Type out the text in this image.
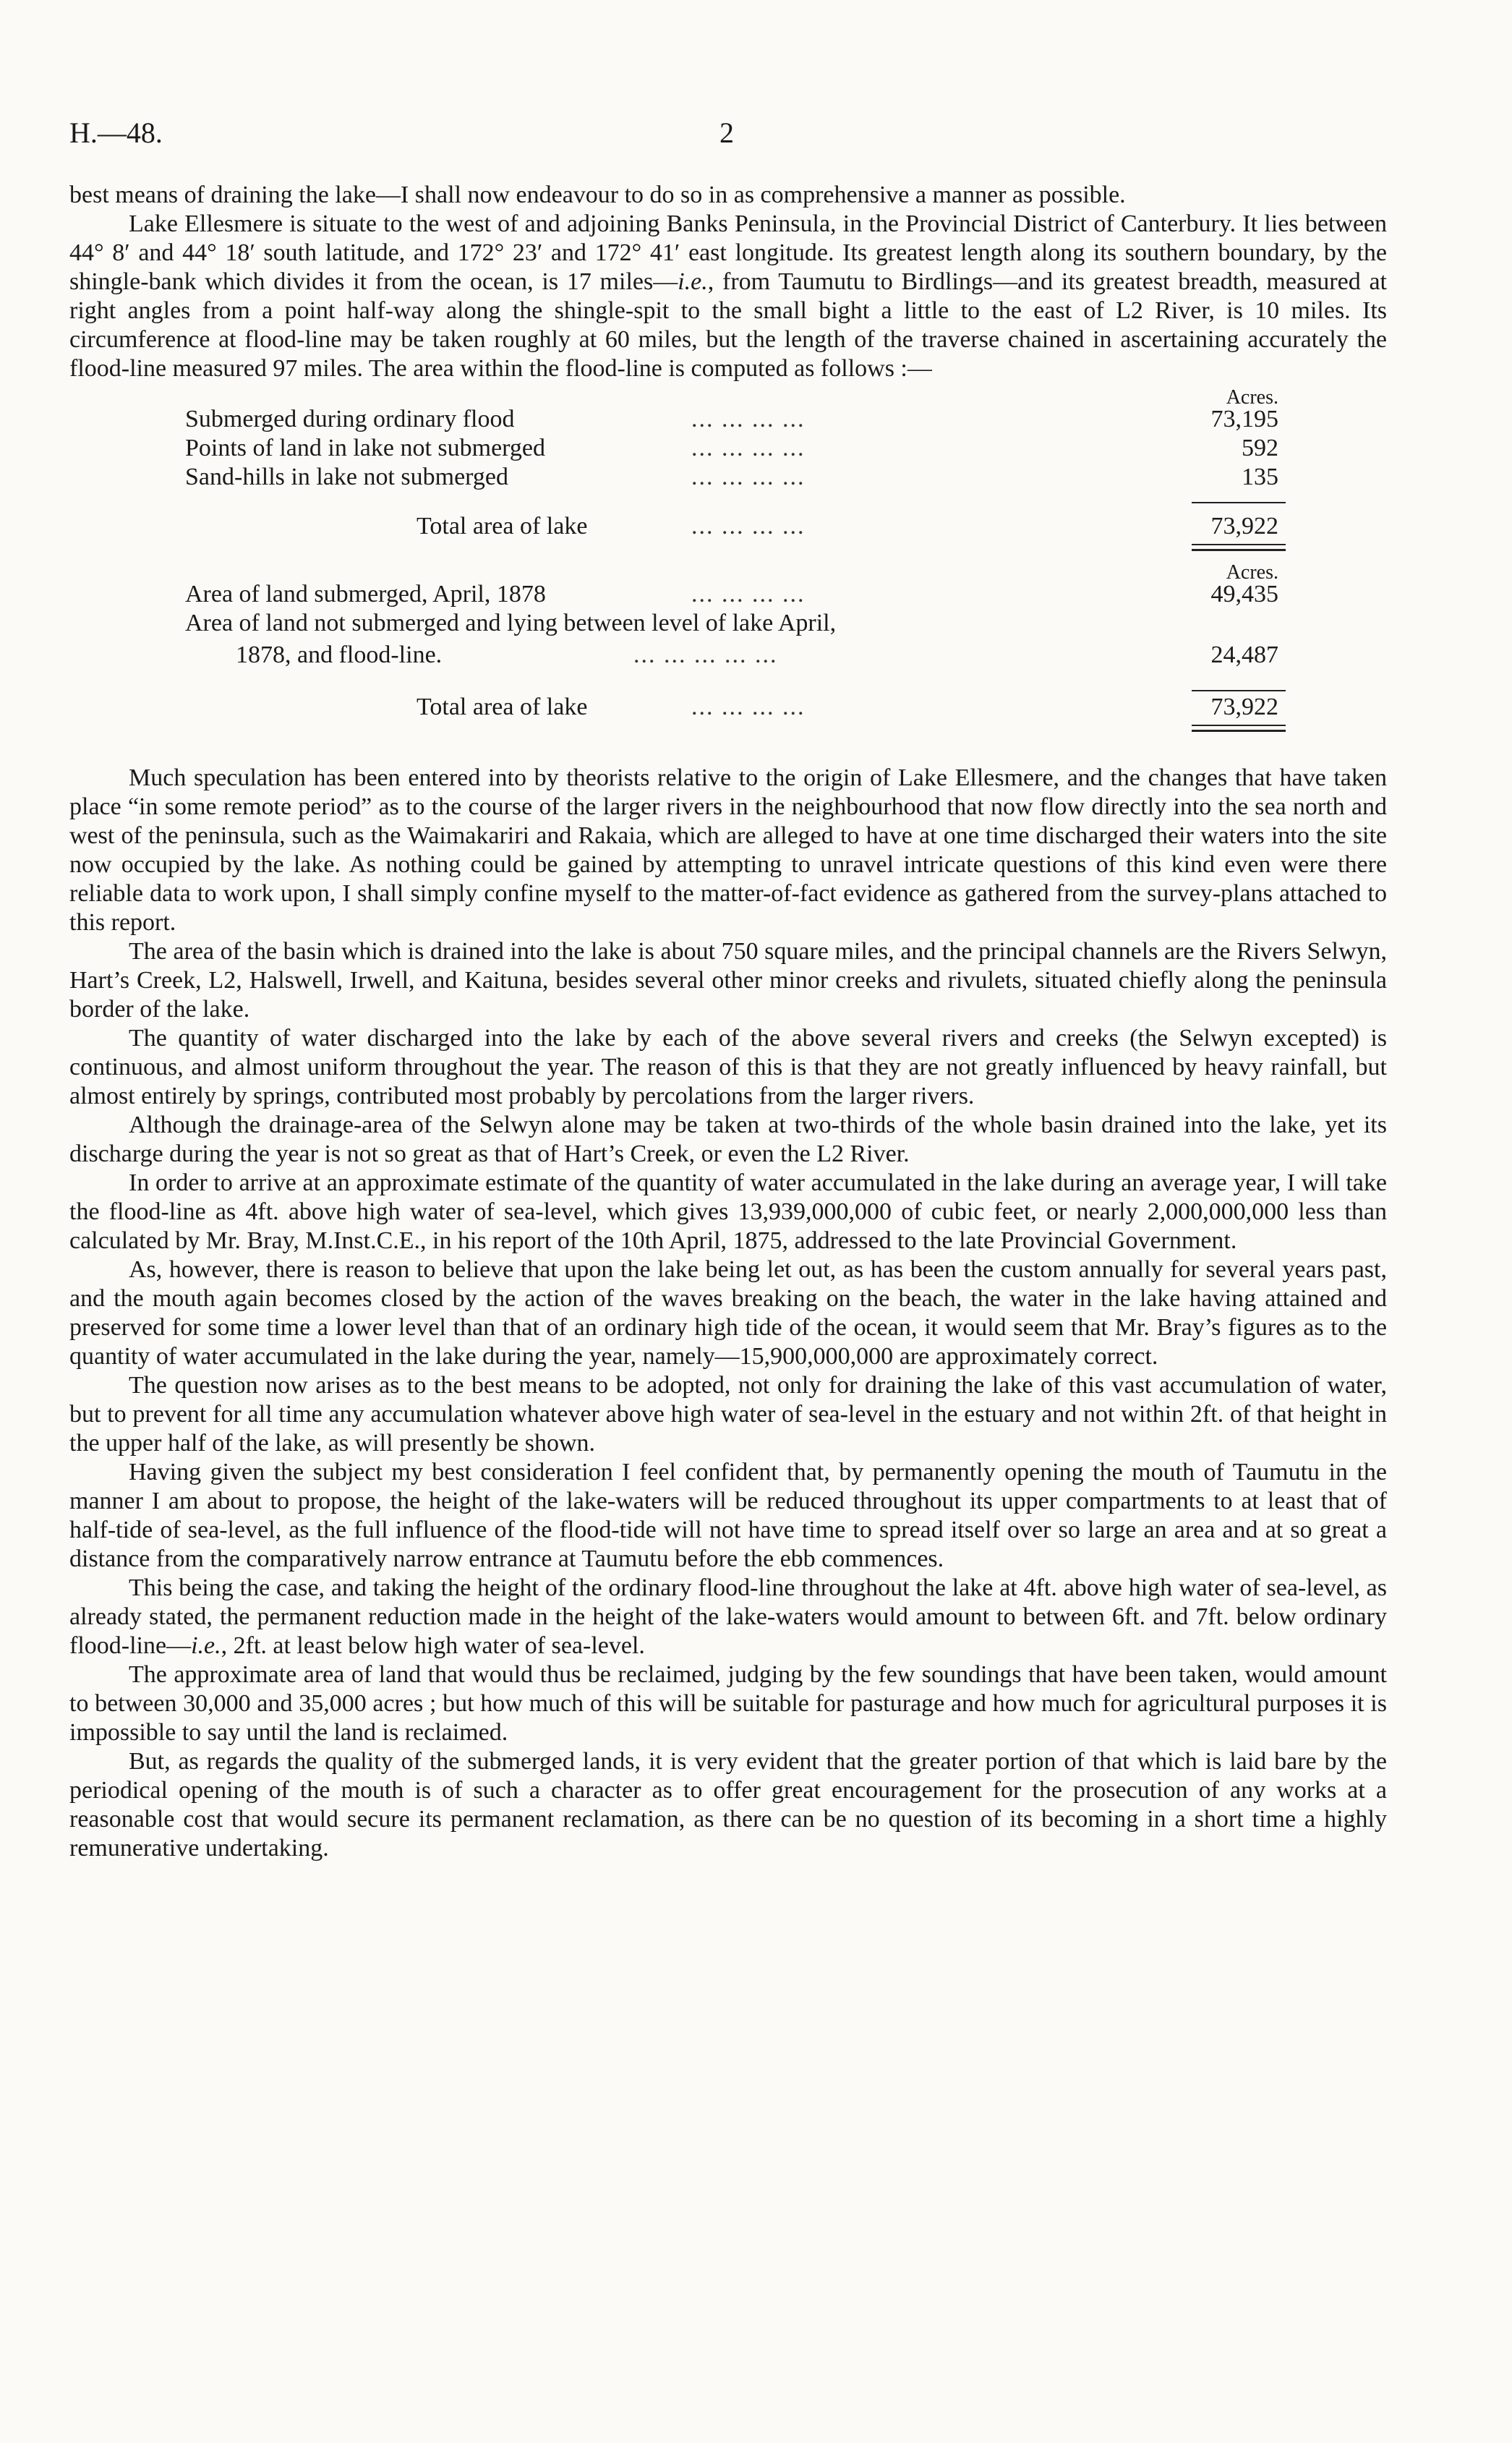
H.—48.	2

best means of draining the lake—I shall now endeavour to do so in as comprehensive a manner as possible.

Lake Ellesmere is situate to the west of and adjoining Banks Peninsula, in the Provincial District of Canterbury. It lies between 44° 8′ and 44° 18′ south latitude, and 172° 23′ and 172° 41′ east longitude. Its greatest length along its southern boundary, by the shingle-bank which divides it from the ocean, is 17 miles—i.e., from Taumutu to Birdlings—and its greatest breadth, measured at right angles from a point half-way along the shingle-spit to the small bight a little to the east of L2 River, is 10 miles. Its circumference at flood-line may be taken roughly at 60 miles, but the length of the traverse chained in ascertaining accurately the flood-line measured 97 miles. The area within the flood-line is computed as follows :—

Acres.
Submerged during ordinary flood	... ... ... ...	73,195
Points of land in lake not submerged	... ... ... ...	592
Sand-hills in lake not submerged	... ... ... ...	135
Total area of lake	... ... ... ...	73,922
Acres.
Area of land submerged, April, 1878	... ... ... ...	49,435
Area of land not submerged and lying between level of lake April,
1878, and flood-line.	... ... ... ... ...	24,487
Total area of lake	... ... ... ...	73,922

Much speculation has been entered into by theorists relative to the origin of Lake Ellesmere, and the changes that have taken place “in some remote period” as to the course of the larger rivers in the neighbourhood that now flow directly into the sea north and west of the peninsula, such as the Waimakariri and Rakaia, which are alleged to have at one time discharged their waters into the site now occupied by the lake. As nothing could be gained by attempting to unravel intricate questions of this kind even were there reliable data to work upon, I shall simply confine myself to the matter-of-fact evidence as gathered from the survey-plans attached to this report.

The area of the basin which is drained into the lake is about 750 square miles, and the principal channels are the Rivers Selwyn, Hart’s Creek, L2, Halswell, Irwell, and Kaituna, besides several other minor creeks and rivulets, situated chiefly along the peninsula border of the lake.

The quantity of water discharged into the lake by each of the above several rivers and creeks (the Selwyn excepted) is continuous, and almost uniform throughout the year. The reason of this is that they are not greatly influenced by heavy rainfall, but almost entirely by springs, contributed most probably by percolations from the larger rivers.

Although the drainage-area of the Selwyn alone may be taken at two-thirds of the whole basin drained into the lake, yet its discharge during the year is not so great as that of Hart’s Creek, or even the L2 River.

In order to arrive at an approximate estimate of the quantity of water accumulated in the lake during an average year, I will take the flood-line as 4ft. above high water of sea-level, which gives 13,939,000,000 of cubic feet, or nearly 2,000,000,000 less than calculated by Mr. Bray, M.Inst.C.E., in his report of the 10th April, 1875, addressed to the late Provincial Government.

As, however, there is reason to believe that upon the lake being let out, as has been the custom annually for several years past, and the mouth again becomes closed by the action of the waves breaking on the beach, the water in the lake having attained and preserved for some time a lower level than that of an ordinary high tide of the ocean, it would seem that Mr. Bray’s figures as to the quantity of water accumulated in the lake during the year, namely—15,900,000,000 are approximately correct.

The question now arises as to the best means to be adopted, not only for draining the lake of this vast accumulation of water, but to prevent for all time any accumulation whatever above high water of sea-level in the estuary and not within 2ft. of that height in the upper half of the lake, as will presently be shown.

Having given the subject my best consideration I feel confident that, by permanently opening the mouth of Taumutu in the manner I am about to propose, the height of the lake-waters will be reduced throughout its upper compartments to at least that of half-tide of sea-level, as the full influence of the flood-tide will not have time to spread itself over so large an area and at so great a distance from the comparatively narrow entrance at Taumutu before the ebb commences.

This being the case, and taking the height of the ordinary flood-line throughout the lake at 4ft. above high water of sea-level, as already stated, the permanent reduction made in the height of the lake-waters would amount to between 6ft. and 7ft. below ordinary flood-line—i.e., 2ft. at least below high water of sea-level.

The approximate area of land that would thus be reclaimed, judging by the few soundings that have been taken, would amount to between 30,000 and 35,000 acres ; but how much of this will be suitable for pasturage and how much for agricultural purposes it is impossible to say until the land is reclaimed.

But, as regards the quality of the submerged lands, it is very evident that the greater portion of that which is laid bare by the periodical opening of the mouth is of such a character as to offer great encouragement for the prosecution of any works at a reasonable cost that would secure its permanent reclamation, as there can be no question of its becoming in a short time a highly remunerative undertaking.
